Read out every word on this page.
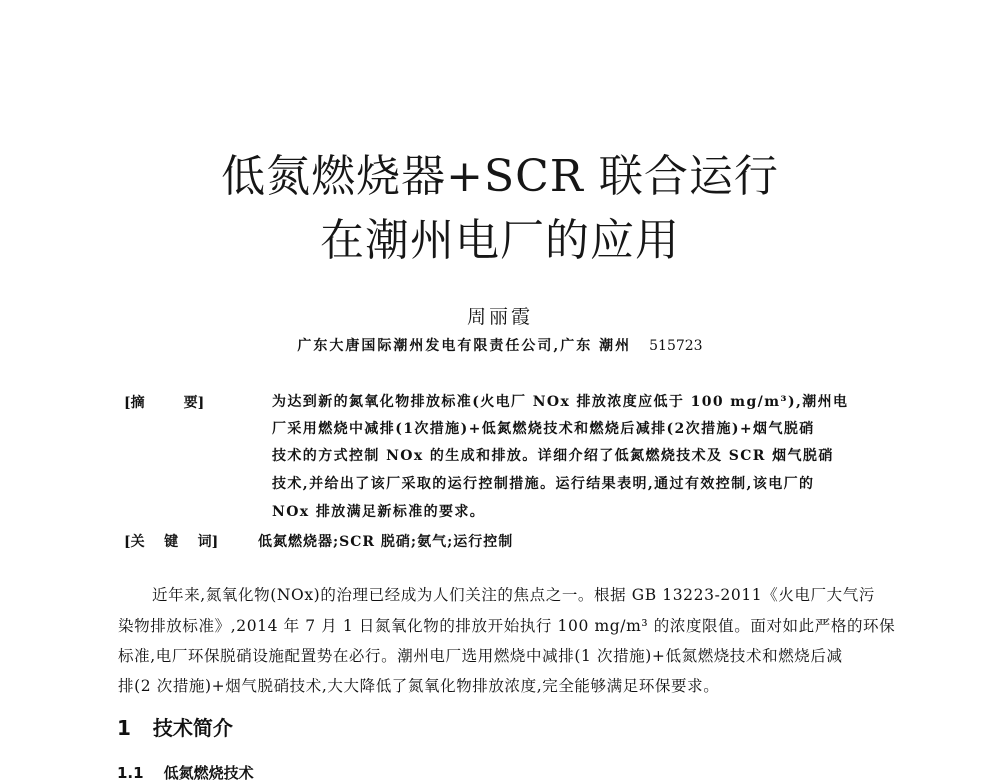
低氮燃烧器+SCR 联合运行
在潮州电厂的应用
周丽霞
广东大唐国际潮州发电有限责任公司,广东 潮州 515723
[摘        要]	为达到新的氮氧化物排放标准(火电厂 NOx 排放浓度应低于 100 mg/m³),潮州电
厂采用燃烧中减排(1次措施)+低氮燃烧技术和燃烧后减排(2次措施)+烟气脱硝
技术的方式控制 NOx 的生成和排放。详细介绍了低氮燃烧技术及 SCR 烟气脱硝
技术,并给出了该厂采取的运行控制措施。运行结果表明,通过有效控制,该电厂的
NOx 排放满足新标准的要求。
[关    键    词]	低氮燃烧器;SCR 脱硝;氨气;运行控制
近年来,氮氧化物(NOx)的治理已经成为人们关注的焦点之一。根据 GB 13223-2011《火电厂大气污
染物排放标准》,2014 年 7 月 1 日氮氧化物的排放开始执行 100 mg/m³ 的浓度限值。面对如此严格的环保
标准,电厂环保脱硝设施配置势在必行。潮州电厂选用燃烧中减排(1 次措施)+低氮燃烧技术和燃烧后减
排(2 次措施)+烟气脱硝技术,大大降低了氮氧化物排放浓度,完全能够满足环保要求。
1 技术简介
1.1 低氮燃烧技术
